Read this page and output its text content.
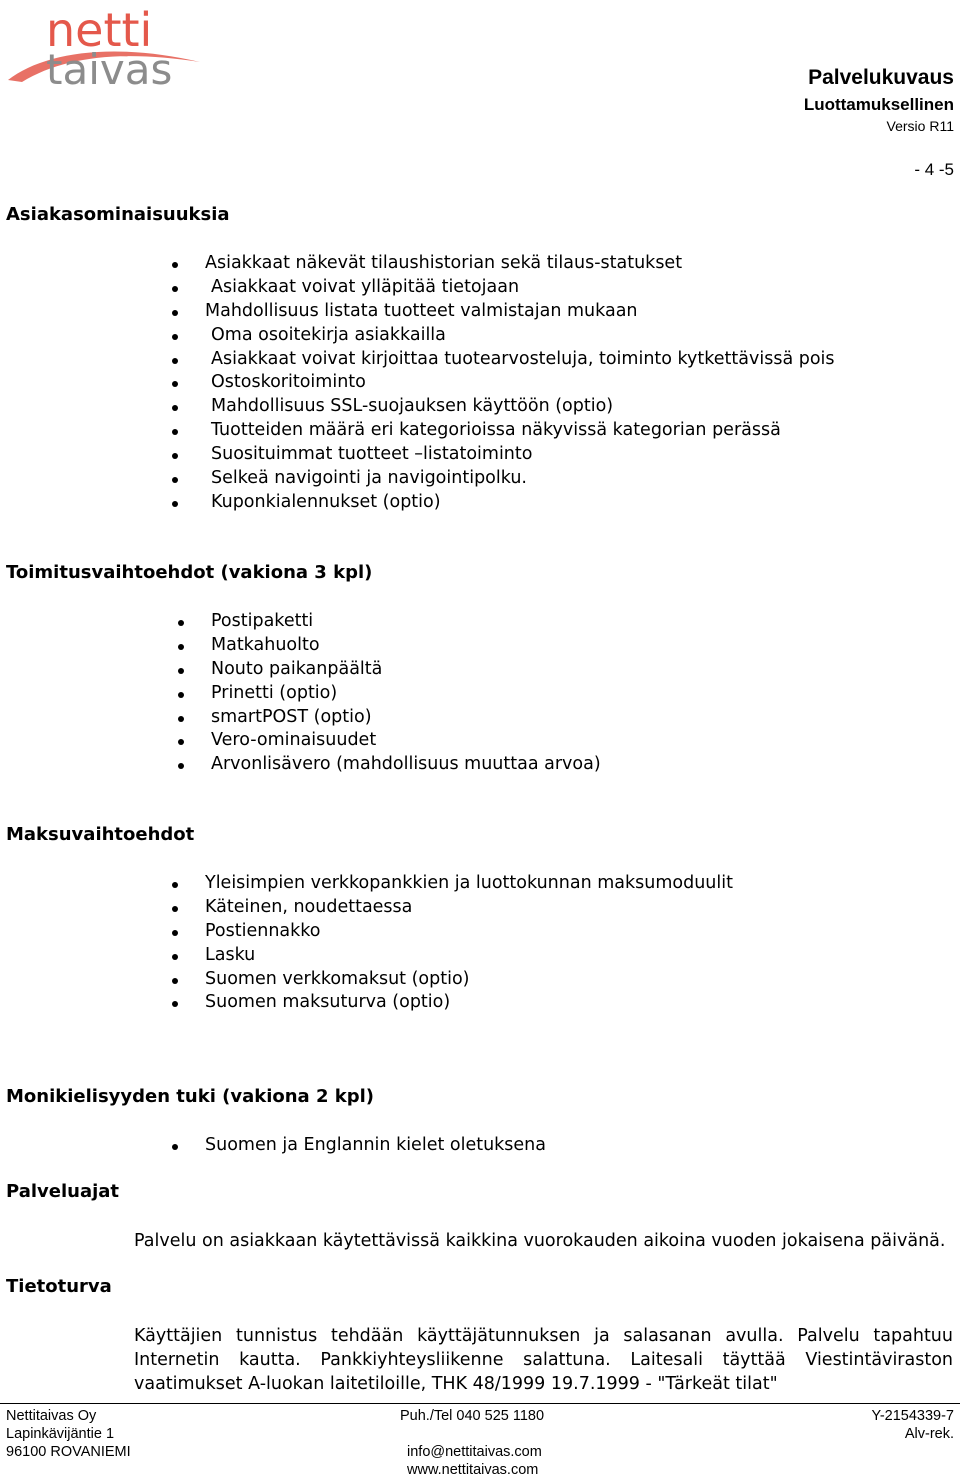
netti
taivas	Palvelukuvaus
Luottamuksellinen
Versio R11
- 4 -5
Asiakasominaisuuksia
Asiakkaat näkevät tilaushistorian sekä tilaus-statukset
Asiakkaat voivat ylläpitää tietojaan
Mahdollisuus listata tuotteet valmistajan mukaan
Oma osoitekirja asiakkailla
Asiakkaat voivat kirjoittaa tuotearvosteluja, toiminto kytkettävissä pois
Ostoskoritoiminto
Mahdollisuus SSL-suojauksen käyttöön (optio)
Tuotteiden määrä eri kategorioissa näkyvissä kategorian perässä
Suosituimmat tuotteet –listatoiminto
Selkeä navigointi ja navigointipolku.
Kuponkialennukset (optio)
Toimitusvaihtoehdot (vakiona 3 kpl)
Postipaketti
Matkahuolto
Nouto paikanpäältä
Prinetti (optio)
smartPOST (optio)
Vero-ominaisuudet
Arvonlisävero (mahdollisuus muuttaa arvoa)
Maksuvaihtoehdot
Yleisimpien verkkopankkien ja luottokunnan maksumoduulit
Käteinen, noudettaessa
Postiennakko
Lasku
Suomen verkkomaksut (optio)
Suomen maksuturva (optio)
Monikielisyyden tuki (vakiona 2 kpl)
Suomen ja Englannin kielet oletuksena
Palveluajat
Palvelu on asiakkaan käytettävissä kaikkina vuorokauden aikoina vuoden jokaisena päivänä.
Tietoturva
Käyttäjien tunnistus tehdään käyttäjätunnuksen ja salasanan avulla. Palvelu tapahtuu Internetin kautta. Pankkiyhteysliikenne salattuna. Laitesali täyttää Viestintäviraston vaatimukset A-luokan laitetiloille, THK 48/1999 19.7.1999 - "Tärkeät tilat"
Nettitaivas Oy
Lapinkävijäntie 1
96100 ROVANIEMI
Puh./Tel 040 525 1180
info@nettitaivas.com
www.nettitaivas.com
Y-2154339-7
Alv-rek.
